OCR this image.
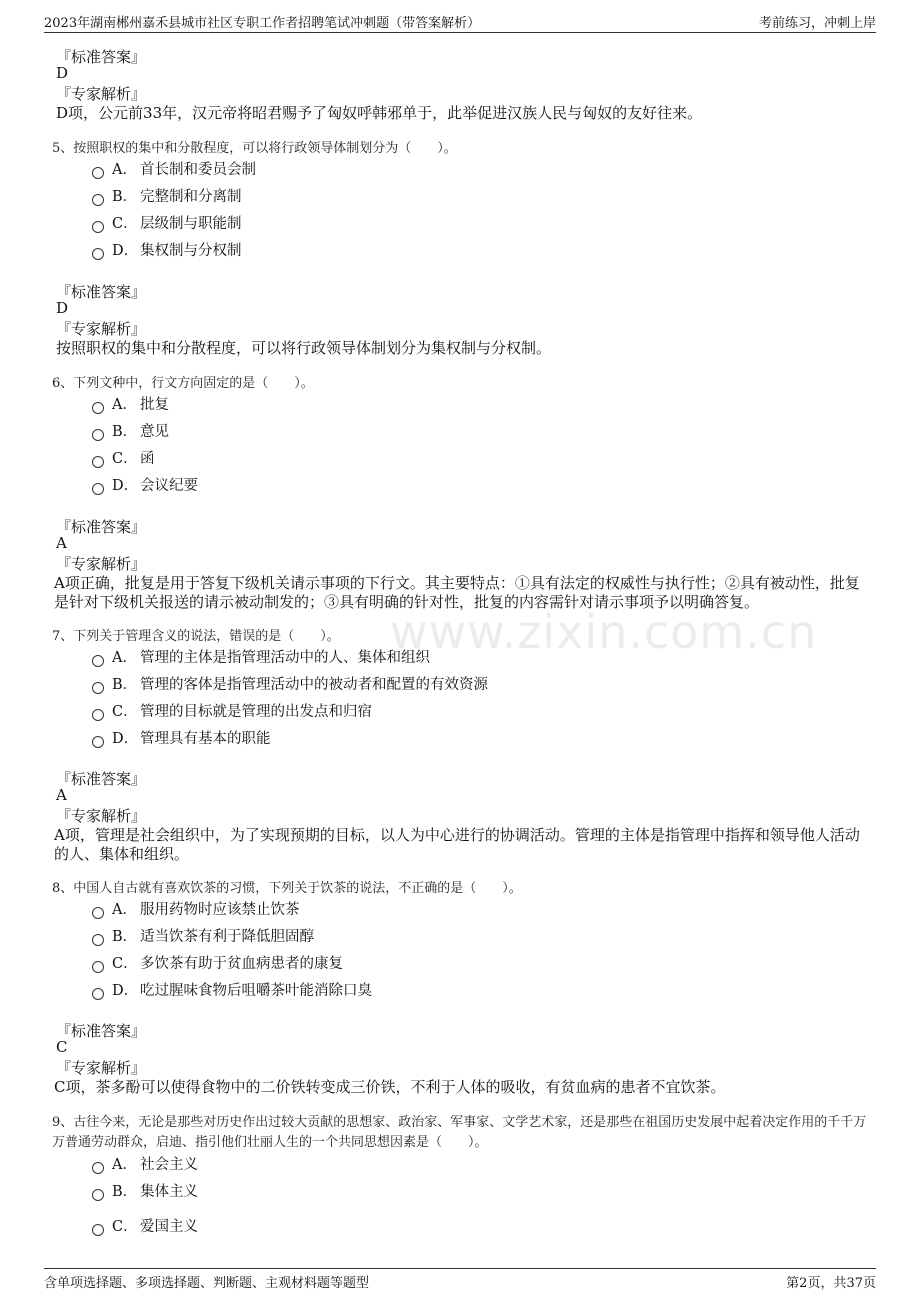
2023年湖南郴州嘉禾县城市社区专职工作者招聘笔试冲刺题（带答案解析）	考前练习，冲刺上岸
www.zixin.com.cn
『标准答案』
D
『专家解析』
D项，公元前33年，汉元帝将昭君赐予了匈奴呼韩邪单于，此举促进汉族人民与匈奴的友好往来。
5、按照职权的集中和分散程度，可以将行政领导体制划分为（　　）。
A． 首长制和委员会制
B． 完整制和分离制
C． 层级制与职能制
D． 集权制与分权制
『标准答案』
D
『专家解析』
按照职权的集中和分散程度，可以将行政领导体制划分为集权制与分权制。
6、下列文种中，行文方向固定的是（　　）。
A． 批复
B． 意见
C． 函
D． 会议纪要
『标准答案』
A
『专家解析』
A项正确，批复是用于答复下级机关请示事项的下行文。其主要特点：①具有法定的权威性与执行性；②具有被动性，批复
是针对下级机关报送的请示被动制发的；③具有明确的针对性，批复的内容需针对请示事项予以明确答复。
7、下列关于管理含义的说法，错误的是（　　）。
A． 管理的主体是指管理活动中的人、集体和组织
B． 管理的客体是指管理活动中的被动者和配置的有效资源
C． 管理的目标就是管理的出发点和归宿
D． 管理具有基本的职能
『标准答案』
A
『专家解析』
A项，管理是社会组织中，为了实现预期的目标，以人为中心进行的协调活动。管理的主体是指管理中指挥和领导他人活动
的人、集体和组织。
8、中国人自古就有喜欢饮茶的习惯，下列关于饮茶的说法，不正确的是（　　）。
A． 服用药物时应该禁止饮茶
B． 适当饮茶有利于降低胆固醇
C． 多饮茶有助于贫血病患者的康复
D． 吃过腥味食物后咀嚼茶叶能消除口臭
『标准答案』
C
『专家解析』
C项，茶多酚可以使得食物中的二价铁转变成三价铁，不利于人体的吸收，有贫血病的患者不宜饮茶。
9、古往今来，无论是那些对历史作出过较大贡献的思想家、政治家、军事家、文学艺术家，还是那些在祖国历史发展中起着决定作用的千千万
万普通劳动群众，启迪、指引他们壮丽人生的一个共同思想因素是（　　）。
A． 社会主义
B． 集体主义
C． 爱国主义
含单项选择题、多项选择题、判断题、主观材料题等题型	第2页，共37页
